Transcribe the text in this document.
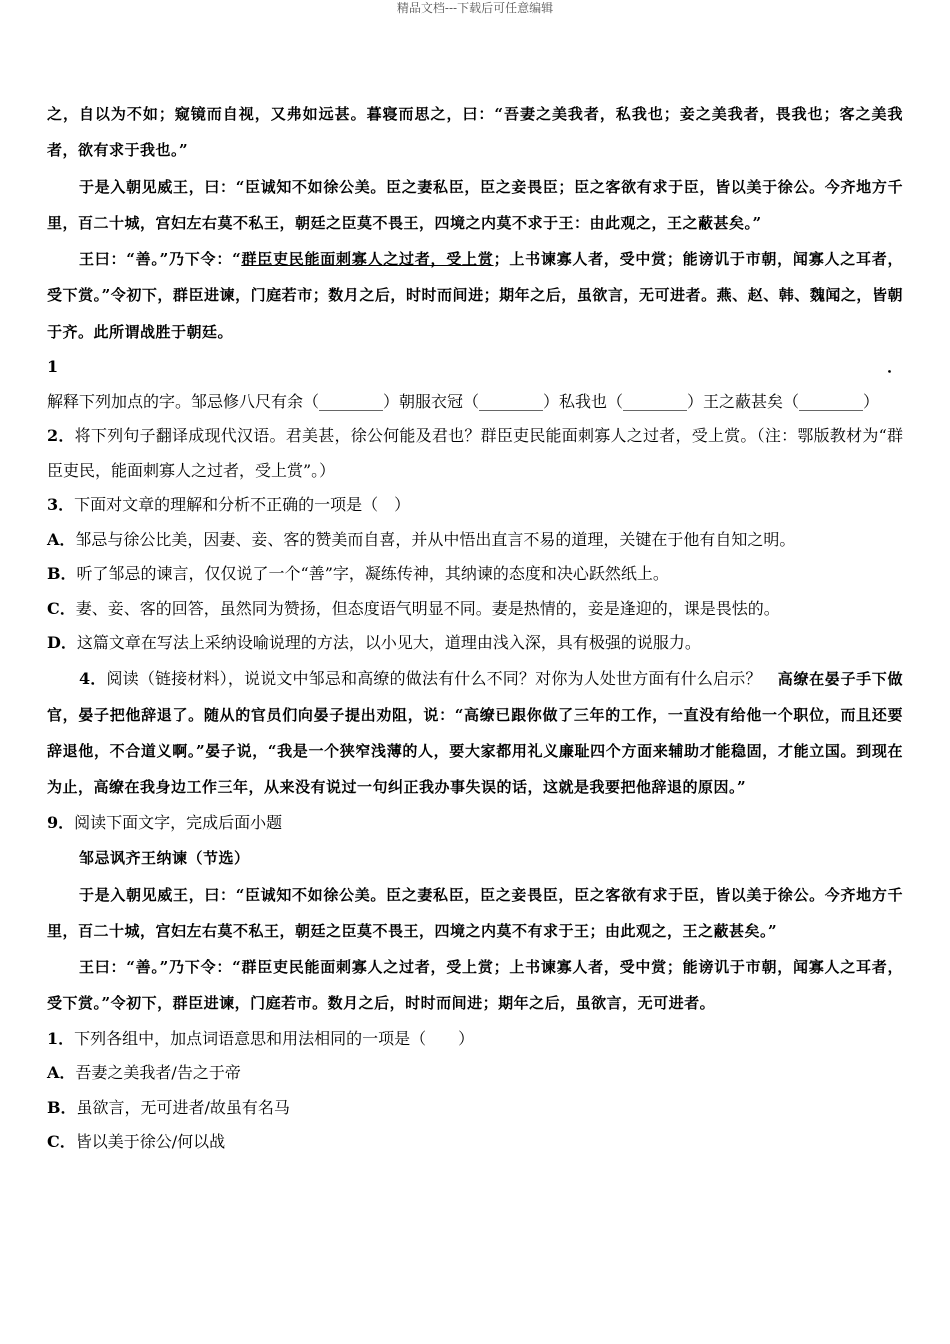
精品文档---下载后可任意编辑

之，自以为不如；窥镜而自视，又弗如远甚。暮寝而思之，曰：“吾妻之美我者，私我也；妾之美我者，畏我也；客之美我者，欲有求于我也。”

于是入朝见威王，曰：“臣诚知不如徐公美。臣之妻私臣，臣之妾畏臣；臣之客欲有求于臣，皆以美于徐公。今齐地方千里，百二十城，宫妇左右莫不私王，朝廷之臣莫不畏王，四境之内莫不求于王：由此观之，王之蔽甚矣。”

王曰：“善。”乃下令：“群臣吏民能面刺寡人之过者，受上赏；上书谏寡人者，受中赏；能谤讥于市朝，闻寡人之耳者，受下赏。”令初下，群臣进谏，门庭若市；数月之后，时时而间进；期年之后，虽欲言，无可进者。燕、赵、韩、魏闻之，皆朝于齐。此所谓战胜于朝廷。

1．解释下列加点的字。邹忌修八尺有余（________）朝服衣冠（________）私我也（________）王之蔽甚矣（________）

2．将下列句子翻译成现代汉语。君美甚，徐公何能及君也？群臣吏民能面刺寡人之过者，受上赏。（注：鄂版教材为“群臣吏民，能面刺寡人之过者，受上赏”。）

3．下面对文章的理解和分析不正确的一项是（　）

A．邹忌与徐公比美，因妻、妾、客的赞美而自喜，并从中悟出直言不易的道理，关键在于他有自知之明。

B．听了邹忌的谏言，仅仅说了一个“善”字，凝练传神，其纳谏的态度和决心跃然纸上。

C．妻、妾、客的回答，虽然同为赞扬，但态度语气明显不同。妻是热情的，妾是逢迎的，课是畏怯的。

D．这篇文章在写法上采纳设喻说理的方法，以小见大，道理由浅入深，具有极强的说服力。

4．阅读（链接材料），说说文中邹忌和高缭的做法有什么不同？对你为人处世方面有什么启示？　 高缭在晏子手下做官，晏子把他辞退了。随从的官员们向晏子提出劝阻，说：“高缭已跟你做了三年的工作，一直没有给他一个职位，而且还要辞退他，不合道义啊。”晏子说，“我是一个狭窄浅薄的人，要大家都用礼义廉耻四个方面来辅助才能稳固，才能立国。到现在为止，高缭在我身边工作三年，从来没有说过一句纠正我办事失误的话，这就是我要把他辞退的原因。”

9．阅读下面文字，完成后面小题

邹忌讽齐王纳谏（节选）

于是入朝见威王，曰：“臣诚知不如徐公美。臣之妻私臣，臣之妾畏臣，臣之客欲有求于臣，皆以美于徐公。今齐地方千里，百二十城，宫妇左右莫不私王，朝廷之臣莫不畏王，四境之内莫不有求于王；由此观之，王之蔽甚矣。”

王曰：“善。”乃下令：“群臣吏民能面刺寡人之过者，受上赏；上书谏寡人者，受中赏；能谤讥于市朝，闻寡人之耳者，受下赏。”令初下，群臣进谏，门庭若市。数月之后，时时而间进；期年之后，虽欲言，无可进者。

1．下列各组中，加点词语意思和用法相同的一项是（　　）

A．吾妻之美我者/告之于帝

B．虽欲言，无可进者/故虽有名马

C．皆以美于徐公/何以战
